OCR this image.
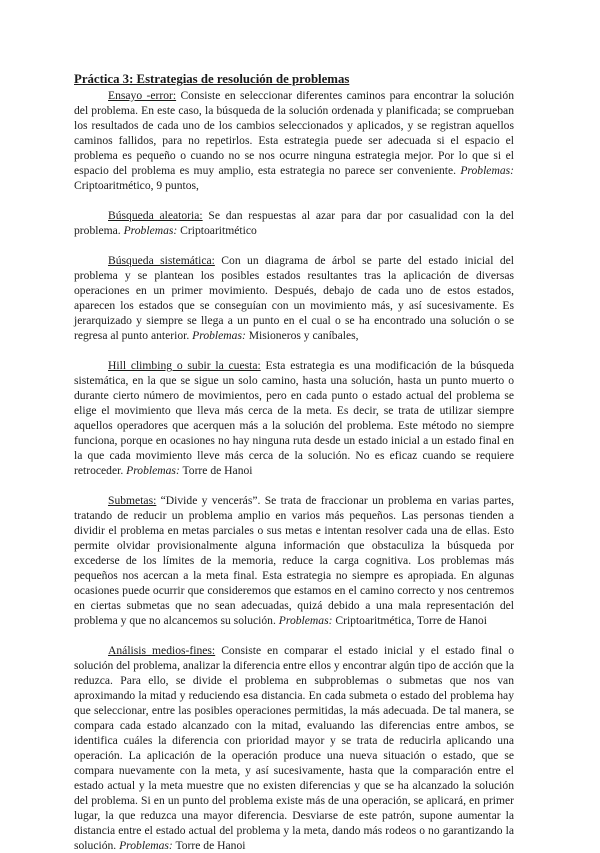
Práctica 3: Estrategias de resolución de problemas

Ensayo -error: Consiste en seleccionar diferentes caminos para encontrar la solución del problema. En este caso, la búsqueda de la solución ordenada y planificada; se comprueban los resultados de cada uno de los cambios seleccionados y aplicados, y se registran aquellos caminos fallidos, para no repetirlos. Esta estrategia puede ser adecuada si el espacio el problema es pequeño o cuando no se nos ocurre ninguna estrategia mejor. Por lo que si el espacio del problema es muy amplio, esta estrategia no parece ser conveniente. Problemas: Criptoaritmético, 9 puntos,

Búsqueda aleatoria: Se dan respuestas al azar para dar por casualidad con la del problema. Problemas: Criptoaritmético

Búsqueda sistemática: Con un diagrama de árbol se parte del estado inicial del problema y se plantean los posibles estados resultantes tras la aplicación de diversas operaciones en un primer movimiento. Después, debajo de cada uno de estos estados, aparecen los estados que se conseguían con un movimiento más, y así sucesivamente. Es jerarquizado y siempre se llega a un punto en el cual o se ha encontrado una solución o se regresa al punto anterior. Problemas: Misioneros y caníbales,

Hill climbing o subir la cuesta: Esta estrategia es una modificación de la búsqueda sistemática, en la que se sigue un solo camino, hasta una solución, hasta un punto muerto o durante cierto número de movimientos, pero en cada punto o estado actual del problema se elige el movimiento que lleva más cerca de la meta. Es decir, se trata de utilizar siempre aquellos operadores que acerquen más a la solución del problema. Este método no siempre funciona, porque en ocasiones no hay ninguna ruta desde un estado inicial a un estado final en la que cada movimiento lleve más cerca de la solución. No es eficaz cuando se requiere retroceder. Problemas: Torre de Hanoi

Submetas: “Divide y vencerás”. Se trata de fraccionar un problema en varias partes, tratando de reducir un problema amplio en varios más pequeños. Las personas tienden a dividir el problema en metas parciales o sus metas e intentan resolver cada una de ellas. Esto permite olvidar provisionalmente alguna información que obstaculiza la búsqueda por excederse de los límites de la memoria, reduce la carga cognitiva. Los problemas más pequeños nos acercan a la meta final. Esta estrategia no siempre es apropiada. En algunas ocasiones puede ocurrir que consideremos que estamos en el camino correcto y nos centremos en ciertas submetas que no sean adecuadas, quizá debido a una mala representación del problema y que no alcancemos su solución. Problemas: Criptoaritmética, Torre de Hanoi

Análisis medios-fines: Consiste en comparar el estado inicial y el estado final o solución del problema, analizar la diferencia entre ellos y encontrar algún tipo de acción que la reduzca. Para ello, se divide el problema en subproblemas o submetas que nos van aproximando la mitad y reduciendo esa distancia. En cada submeta o estado del problema hay que seleccionar, entre las posibles operaciones permitidas, la más adecuada. De tal manera, se compara cada estado alcanzado con la mitad, evaluando las diferencias entre ambos, se identifica cuáles la diferencia con prioridad mayor y se trata de reducirla aplicando una operación. La aplicación de la operación produce una nueva situación o estado, que se compara nuevamente con la meta, y así sucesivamente, hasta que la comparación entre el estado actual y la meta muestre que no existen diferencias y que se ha alcanzado la solución del problema. Si en un punto del problema existe más de una operación, se aplicará, en primer lugar, la que reduzca una mayor diferencia. Desviarse de este patrón, supone aumentar la distancia entre el estado actual del problema y la meta, dando más rodeos o no garantizando la solución. Problemas: Torre de Hanoi
